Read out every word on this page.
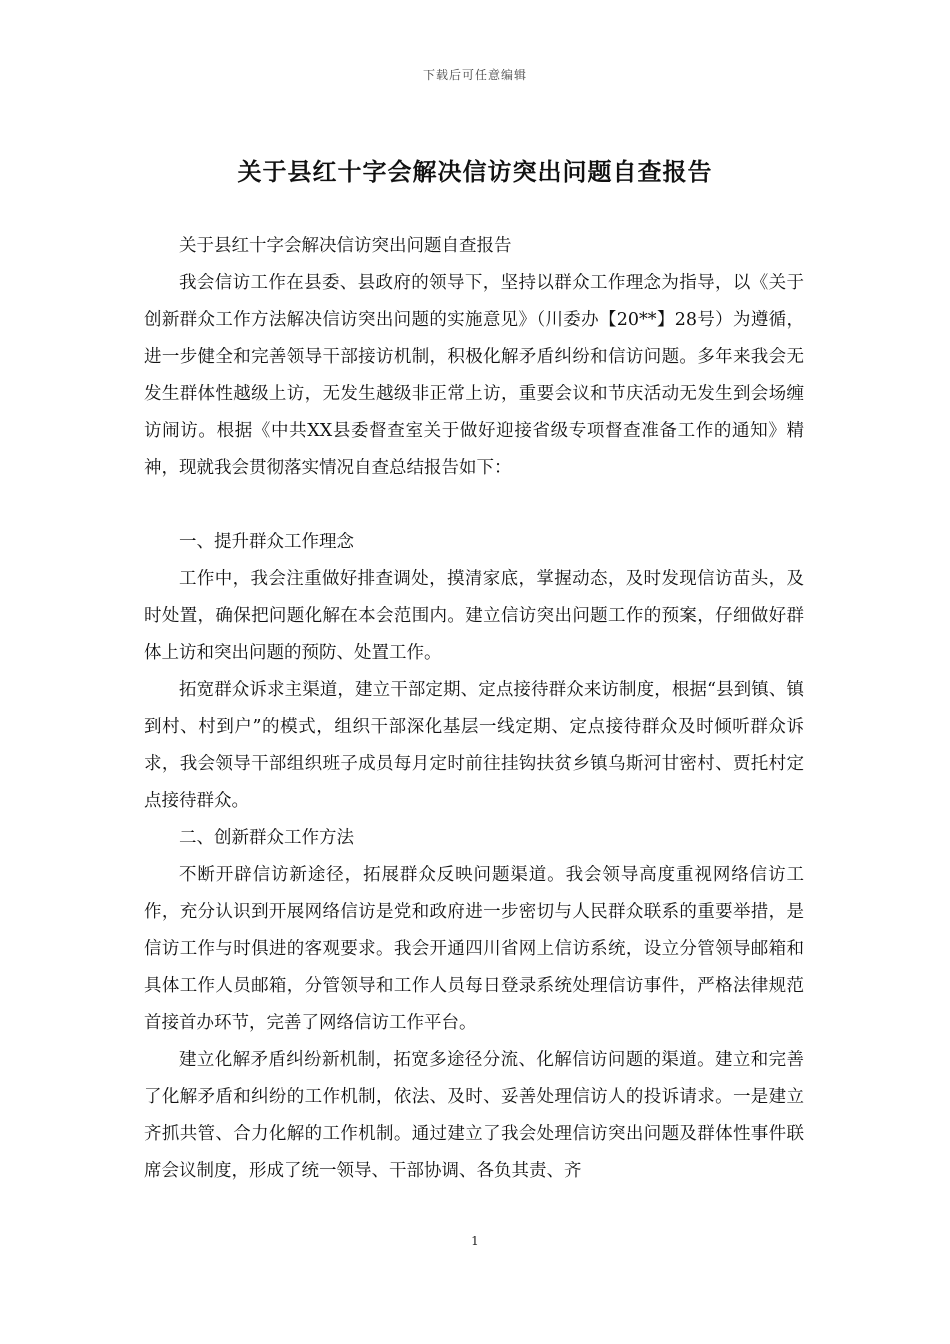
下载后可任意编辑
关于县红十字会解决信访突出问题自查报告

关于县红十字会解决信访突出问题自查报告

我会信访工作在县委、县政府的领导下，坚持以群众工作理念为指导，以《关于创新群众工作方法解决信访突出问题的实施意见》（川委办【20**】28号）为遵循，进一步健全和完善领导干部接访机制，积极化解矛盾纠纷和信访问题。多年来我会无发生群体性越级上访，无发生越级非正常上访，重要会议和节庆活动无发生到会场缠访闹访。根据《中共XX县委督查室关于做好迎接省级专项督查准备工作的通知》精神，现就我会贯彻落实情况自查总结报告如下：

一、提升群众工作理念

工作中，我会注重做好排查调处，摸清家底，掌握动态，及时发现信访苗头，及时处置，确保把问题化解在本会范围内。建立信访突出问题工作的预案，仔细做好群体上访和突出问题的预防、处置工作。

拓宽群众诉求主渠道，建立干部定期、定点接待群众来访制度，根据“县到镇、镇到村、村到户”的模式，组织干部深化基层一线定期、定点接待群众及时倾听群众诉求，我会领导干部组织班子成员每月定时前往挂钩扶贫乡镇乌斯河甘密村、贾托村定点接待群众。

二、创新群众工作方法

不断开辟信访新途径，拓展群众反映问题渠道。我会领导高度重视网络信访工作，充分认识到开展网络信访是党和政府进一步密切与人民群众联系的重要举措，是信访工作与时俱进的客观要求。我会开通四川省网上信访系统，设立分管领导邮箱和具体工作人员邮箱，分管领导和工作人员每日登录系统处理信访事件，严格法律规范首接首办环节，完善了网络信访工作平台。

建立化解矛盾纠纷新机制，拓宽多途径分流、化解信访问题的渠道。建立和完善了化解矛盾和纠纷的工作机制，依法、及时、妥善处理信访人的投诉请求。一是建立齐抓共管、合力化解的工作机制。通过建立了我会处理信访突出问题及群体性事件联席会议制度，形成了统一领导、干部协调、各负其责、齐

1
